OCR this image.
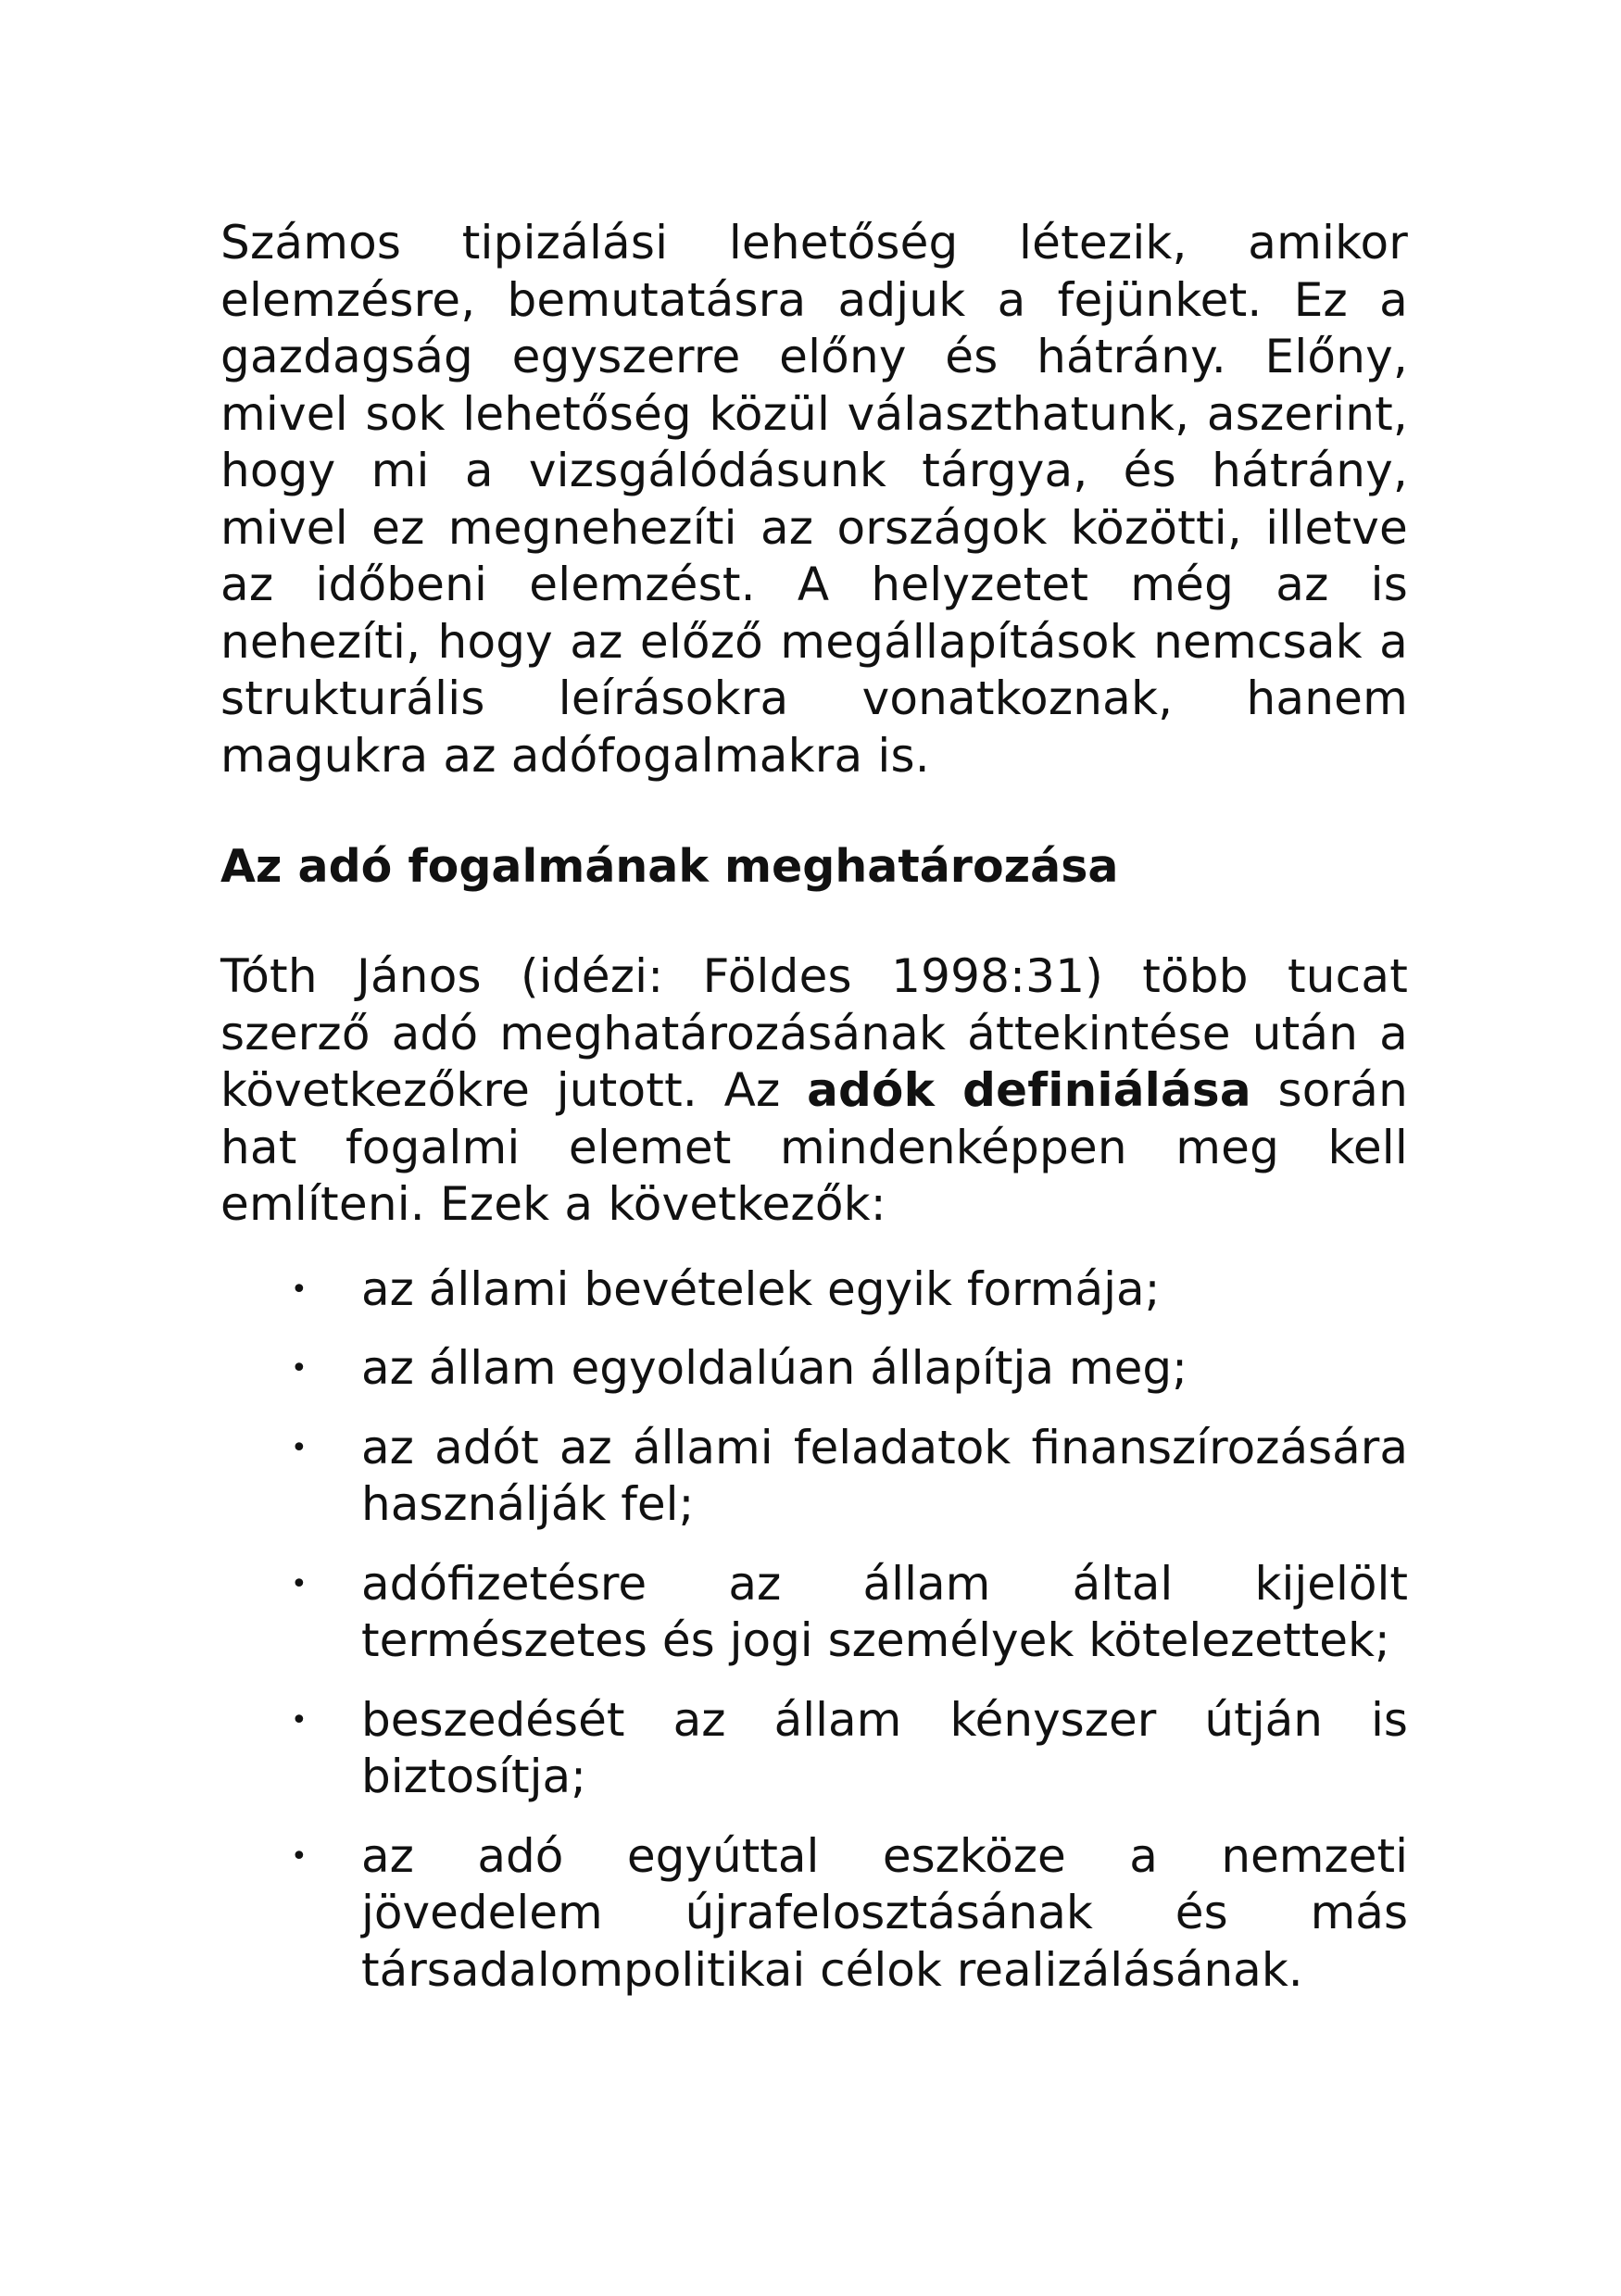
Számos tipizálási lehetőség létezik, amikor elemzésre, bemutatásra adjuk a fejünket. Ez a gazdagság egyszerre előny és hátrány. Előny, mivel sok lehetőség közül választhatunk, aszerint, hogy mi a vizsgálódásunk tárgya, és hátrány, mivel ez megnehezíti az országok közötti, illetve az időbeni elemzést. A helyzetet még az is nehezíti, hogy az előző megállapítások nemcsak a strukturális leírásokra vonatkoznak, hanem magukra az adófogalmakra is.

Az adó fogalmának meghatározása

Tóth János (idézi: Földes 1998:31) több tucat szerző adó meghatározásának áttekintése után a következőkre jutott. Az adók definiálása során hat fogalmi elemet mindenképpen meg kell említeni. Ezek a következők:

• az állami bevételek egyik formája;
• az állam egyoldalúan állapítja meg;
• az adót az állami feladatok finanszírozására használják fel;
• adófizetésre az állam által kijelölt természetes és jogi személyek kötelezettek;
• beszedését az állam kényszer útján is biztosítja;
• az adó egyúttal eszköze a nemzeti jövedelem újrafelosztásának és más társadalompolitikai célok realizálásának.
